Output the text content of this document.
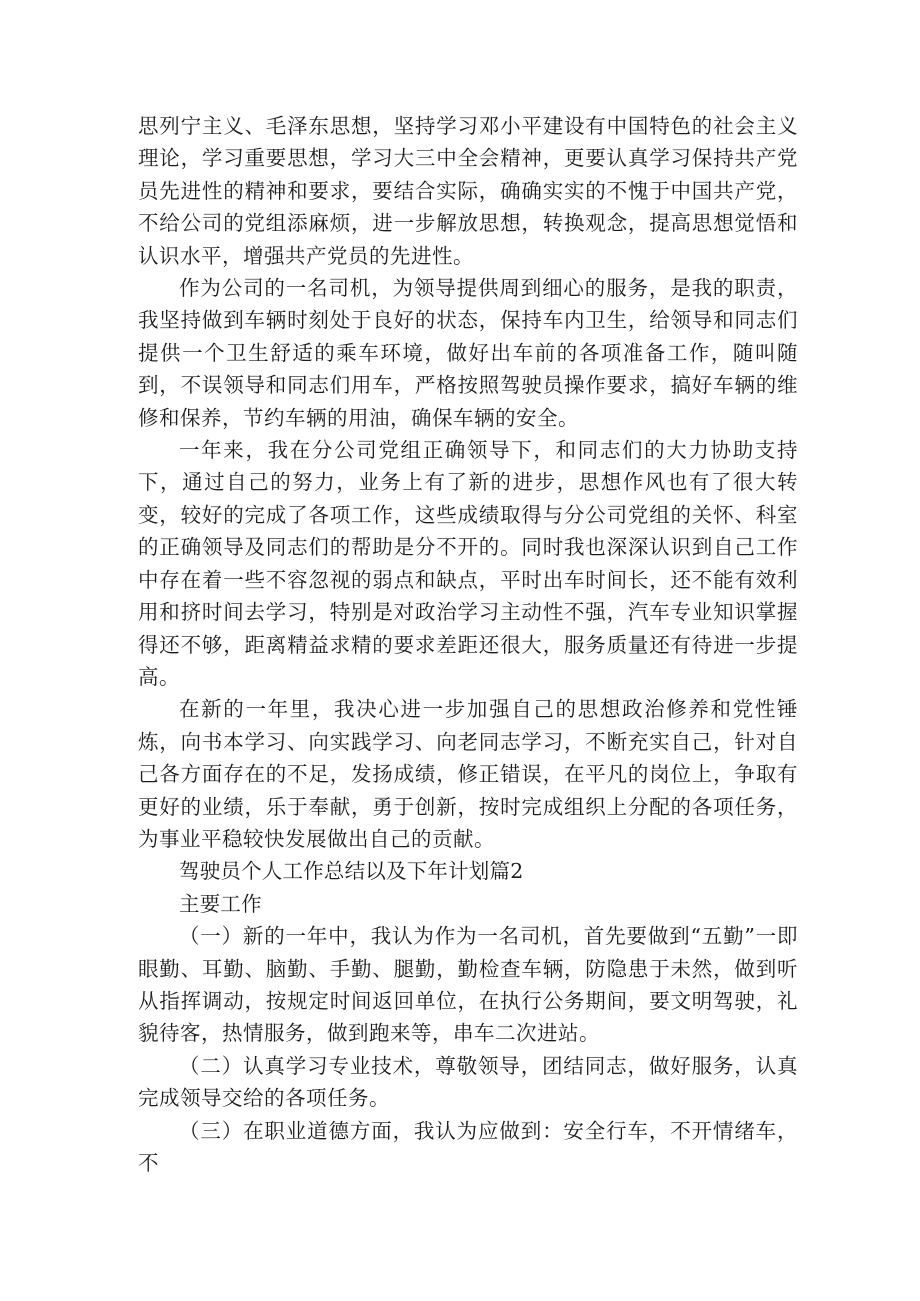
思列宁主义、毛泽东思想，坚持学习邓小平建设有中国特色的社会主义理论，学习重要思想，学习大三中全会精神，更要认真学习保持共产党员先进性的精神和要求，要结合实际，确确实实的不愧于中国共产党，不给公司的党组添麻烦，进一步解放思想，转换观念，提高思想觉悟和认识水平，增强共产党员的先进性。

作为公司的一名司机，为领导提供周到细心的服务，是我的职责，我坚持做到车辆时刻处于良好的状态，保持车内卫生，给领导和同志们提供一个卫生舒适的乘车环境，做好出车前的各项准备工作，随叫随到，不误领导和同志们用车，严格按照驾驶员操作要求，搞好车辆的维修和保养，节约车辆的用油，确保车辆的安全。

一年来，我在分公司党组正确领导下，和同志们的大力协助支持下，通过自己的努力，业务上有了新的进步，思想作风也有了很大转变，较好的完成了各项工作，这些成绩取得与分公司党组的关怀、科室的正确领导及同志们的帮助是分不开的。同时我也深深认识到自己工作中存在着一些不容忽视的弱点和缺点，平时出车时间长，还不能有效利用和挤时间去学习，特别是对政治学习主动性不强，汽车专业知识掌握得还不够，距离精益求精的要求差距还很大，服务质量还有待进一步提高。

在新的一年里，我决心进一步加强自己的思想政治修养和党性锤炼，向书本学习、向实践学习、向老同志学习，不断充实自己，针对自己各方面存在的不足，发扬成绩，修正错误，在平凡的岗位上，争取有更好的业绩，乐于奉献，勇于创新，按时完成组织上分配的各项任务，为事业平稳较快发展做出自己的贡献。

驾驶员个人工作总结以及下年计划篇2

主要工作

（一）新的一年中，我认为作为一名司机，首先要做到“五勤”一即眼勤、耳勤、脑勤、手勤、腿勤，勤检查车辆，防隐患于未然，做到听从指挥调动，按规定时间返回单位，在执行公务期间，要文明驾驶，礼貌待客，热情服务，做到跑来等，串车二次进站。

（二）认真学习专业技术，尊敬领导，团结同志，做好服务，认真完成领导交给的各项任务。

（三）在职业道德方面，我认为应做到：安全行车，不开情绪车，不
